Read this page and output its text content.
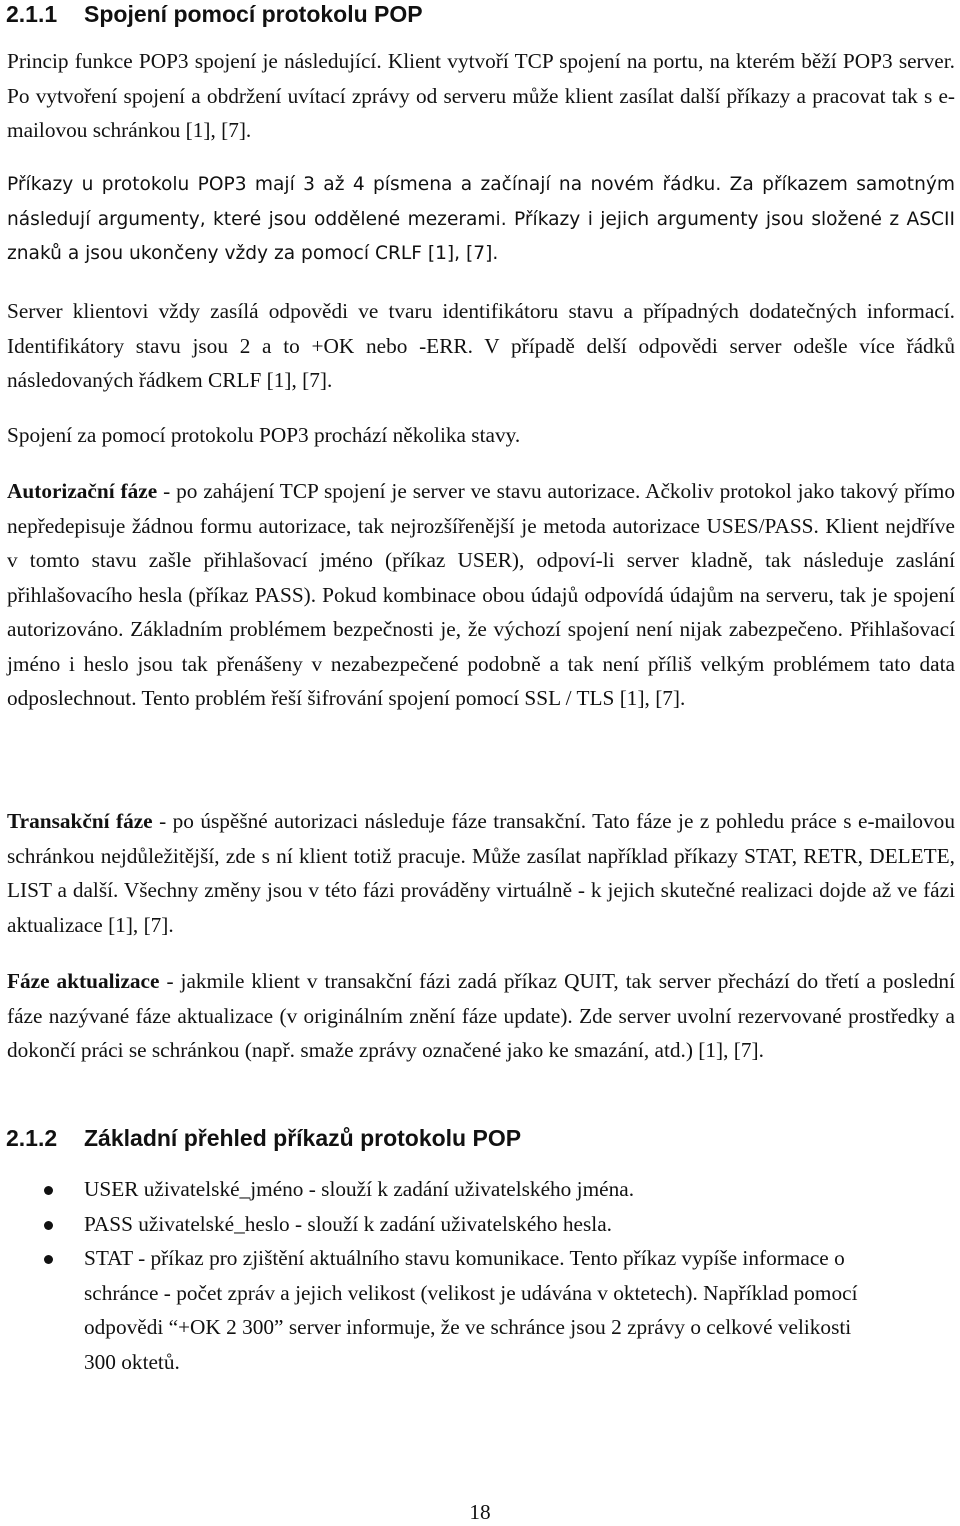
2.1.1 Spojení pomocí protokolu POP

Princip funkce POP3 spojení je následující. Klient vytvoří TCP spojení na portu, na kterém běží POP3 server. Po vytvoření spojení a obdržení uvítací zprávy od serveru může klient zasílat další příkazy a pracovat tak s e-mailovou schránkou [1], [7].

Příkazy u protokolu POP3 mají 3 až 4 písmena a začínají na novém řádku. Za příkazem samotným následují argumenty, které jsou oddělené mezerami. Příkazy i jejich argumenty jsou složené z ASCII znaků a jsou ukončeny vždy za pomocí CRLF [1], [7].

Server klientovi vždy zasílá odpovědi ve tvaru identifikátoru stavu a případných dodatečných informací. Identifikátory stavu jsou 2 a to +OK nebo -ERR. V případě delší odpovědi server odešle více řádků následovaných řádkem CRLF [1], [7].

Spojení za pomocí protokolu POP3 prochází několika stavy.

Autorizační fáze - po zahájení TCP spojení je server ve stavu autorizace. Ačkoliv protokol jako takový přímo nepředepisuje žádnou formu autorizace, tak nejrozšířenější je metoda autorizace USES/PASS. Klient nejdříve v tomto stavu zašle přihlašovací jméno (příkaz USER), odpoví-li server kladně, tak následuje zaslání přihlašovacího hesla (příkaz PASS). Pokud kombinace obou údajů odpovídá údajům na serveru, tak je spojení autorizováno. Základním problémem bezpečnosti je, že výchozí spojení není nijak zabezpečeno. Přihlašovací jméno i heslo jsou tak přenášeny v nezabezpečené podobně a tak není příliš velkým problémem tato data odposlechnout. Tento problém řeší šifrování spojení pomocí SSL / TLS [1], [7].

Transakční fáze - po úspěšné autorizaci následuje fáze transakční. Tato fáze je z pohledu práce s e-mailovou schránkou nejdůležitější, zde s ní klient totiž pracuje. Může zasílat například příkazy STAT, RETR, DELETE, LIST a další. Všechny změny jsou v této fázi prováděny virtuálně - k jejich skutečné realizaci dojde až ve fázi aktualizace [1], [7].

Fáze aktualizace - jakmile klient v transakční fázi zadá příkaz QUIT, tak server přechází do třetí a poslední fáze nazývané fáze aktualizace (v originálním znění fáze update). Zde server uvolní rezervované prostředky a dokončí práci se schránkou (např. smaže zprávy označené jako ke smazání, atd.) [1], [7].

2.1.2 Základní přehled příkazů protokolu POP
USER uživatelské_jméno - slouží k zadání uživatelského jména.
PASS uživatelské_heslo - slouží k zadání uživatelského hesla.
STAT - příkaz pro zjištění aktuálního stavu komunikace. Tento příkaz vypíše informace o schránce - počet zpráv a jejich velikost (velikost je udávána v oktetech). Například pomocí odpovědi “+OK 2 300” server informuje, že ve schránce jsou 2 zprávy o celkové velikosti 300 oktetů.
18
